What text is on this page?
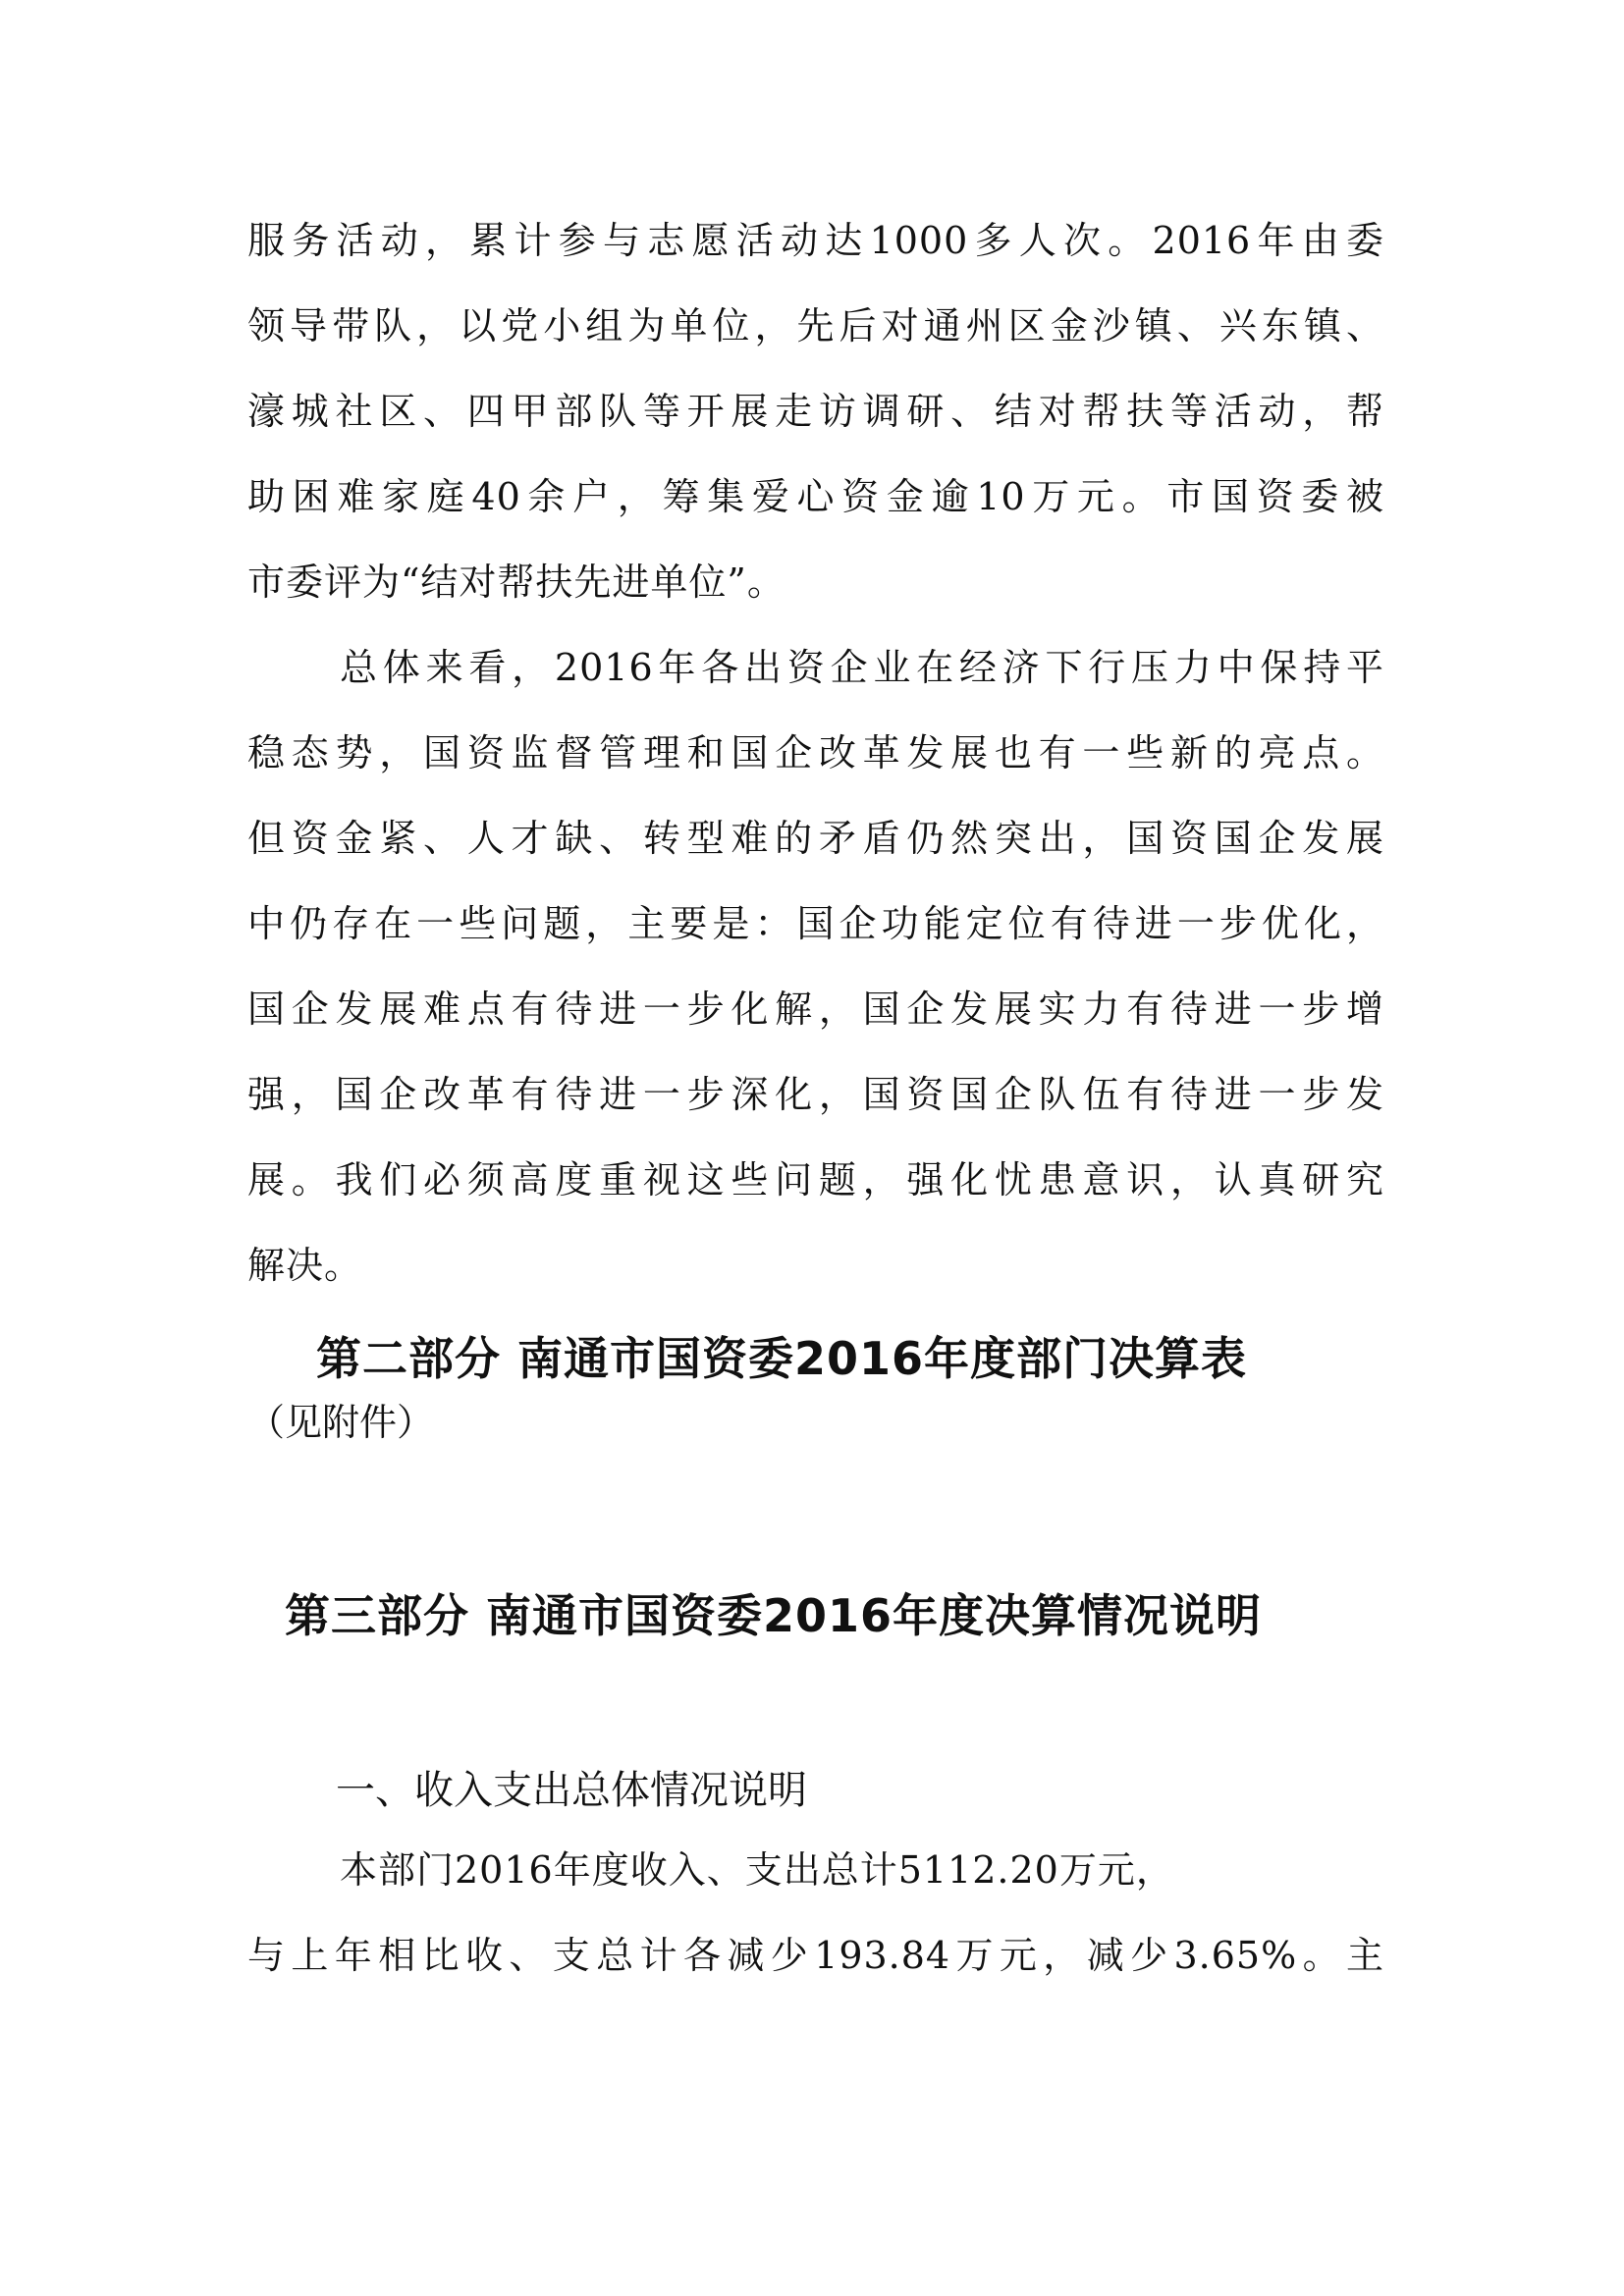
服务活动，累计参与志愿活动达1000多人次。2016年由委
领导带队，以党小组为单位，先后对通州区金沙镇、兴东镇、
濠城社区、四甲部队等开展走访调研、结对帮扶等活动，帮
助困难家庭40余户，筹集爱心资金逾10万元。市国资委被
市委评为“结对帮扶先进单位”。
总体来看，2016年各出资企业在经济下行压力中保持平
稳态势，国资监督管理和国企改革发展也有一些新的亮点。
但资金紧、人才缺、转型难的矛盾仍然突出，国资国企发展
中仍存在一些问题，主要是：国企功能定位有待进一步优化，
国企发展难点有待进一步化解，国企发展实力有待进一步增
强，国企改革有待进一步深化，国资国企队伍有待进一步发
展。我们必须高度重视这些问题，强化忧患意识，认真研究
解决。
第二部分 南通市国资委2016年度部门决算表
（见附件）
第三部分 南通市国资委2016年度决算情况说明
一、收入支出总体情况说明
本部门2016年度收入、支出总计5112.20万元，
与上年相比收、支总计各减少193.84万元，减少3.65%。主
